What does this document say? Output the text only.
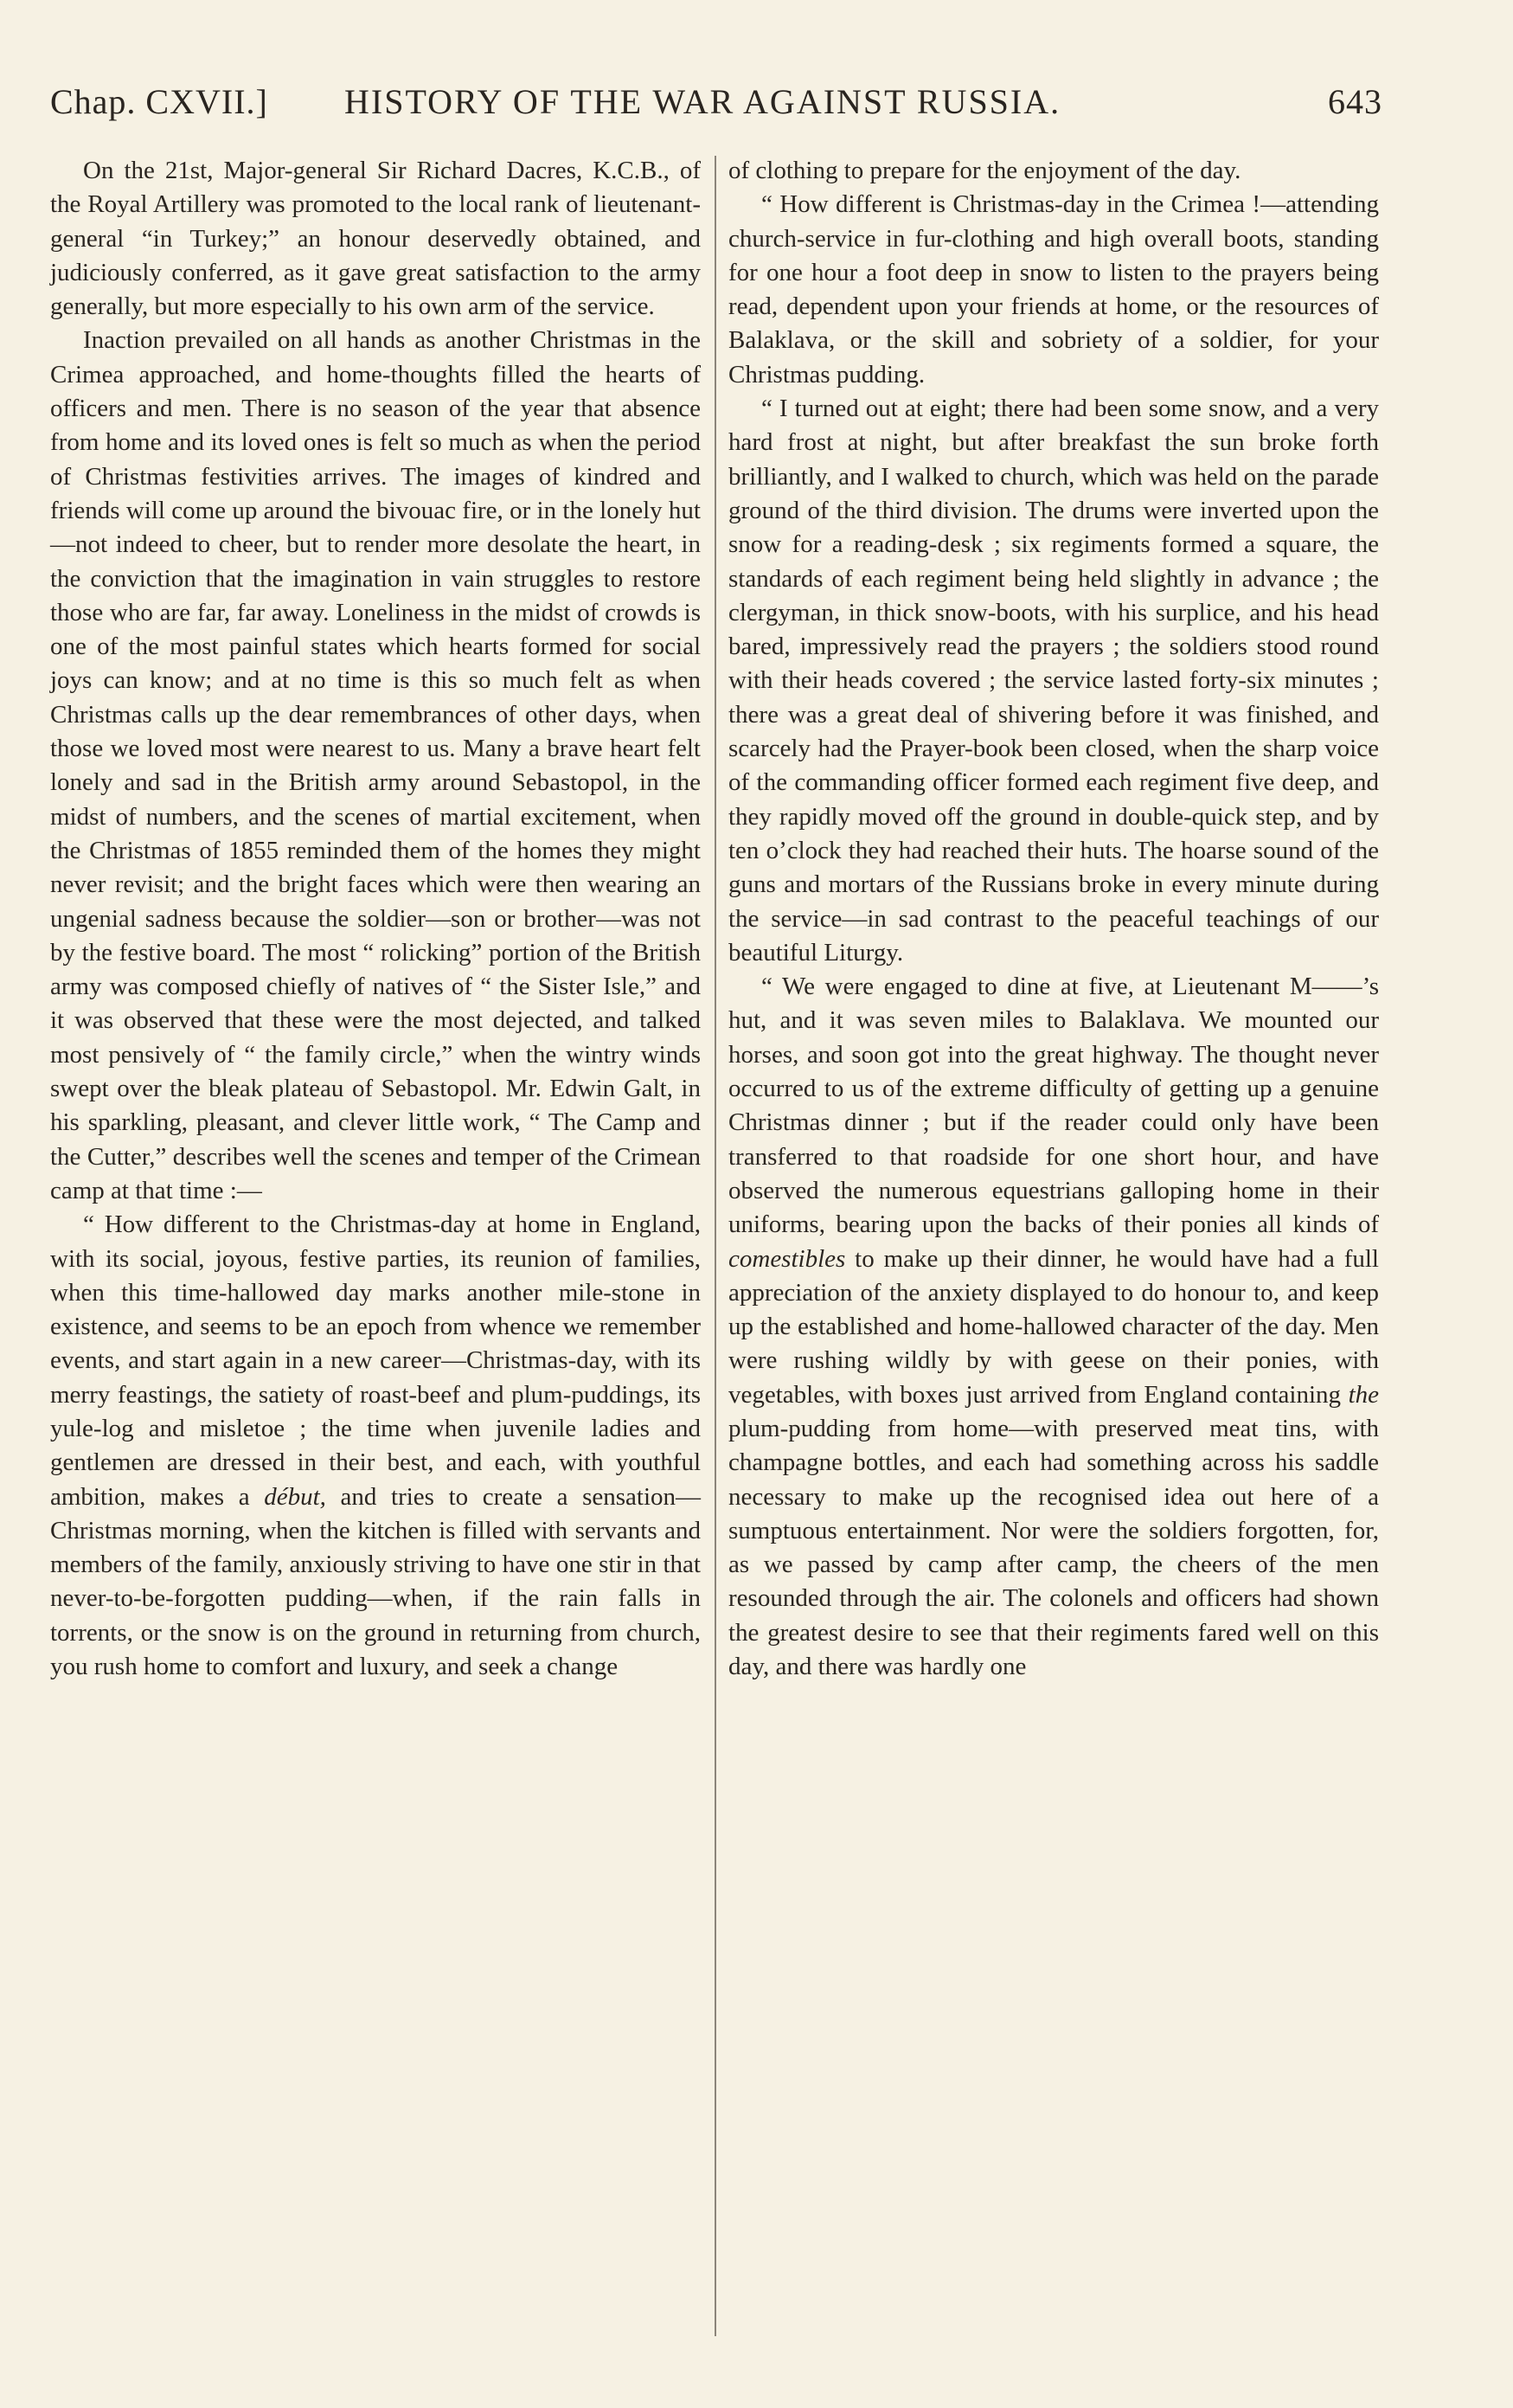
Chap. CXVII.] HISTORY OF THE WAR AGAINST RUSSIA.	643

On the 21st, Major-general Sir Richard Dacres, K.C.B., of the Royal Artillery was promoted to the local rank of lieutenant-general “in Turkey;” an honour deservedly obtained, and judiciously conferred, as it gave great satisfaction to the army generally, but more especially to his own arm of the service.

Inaction prevailed on all hands as another Christmas in the Crimea approached, and home-thoughts filled the hearts of officers and men. There is no season of the year that absence from home and its loved ones is felt so much as when the period of Christmas festivities arrives. The images of kindred and friends will come up around the bivouac fire, or in the lonely hut—not indeed to cheer, but to render more desolate the heart, in the conviction that the imagination in vain struggles to restore those who are far, far away. Loneliness in the midst of crowds is one of the most painful states which hearts formed for social joys can know; and at no time is this so much felt as when Christmas calls up the dear remembrances of other days, when those we loved most were nearest to us. Many a brave heart felt lonely and sad in the British army around Sebastopol, in the midst of numbers, and the scenes of martial excitement, when the Christmas of 1855 reminded them of the homes they might never revisit; and the bright faces which were then wearing an ungenial sadness because the soldier—son or brother—was not by the festive board. The most “ rolicking” portion of the British army was composed chiefly of natives of “ the Sister Isle,” and it was observed that these were the most dejected, and talked most pensively of “ the family circle,” when the wintry winds swept over the bleak plateau of Sebastopol. Mr. Edwin Galt, in his sparkling, pleasant, and clever little work, “ The Camp and the Cutter,” describes well the scenes and temper of the Crimean camp at that time :—

“ How different to the Christmas-day at home in England, with its social, joyous, festive parties, its reunion of families, when this time-hallowed day marks another mile-stone in existence, and seems to be an epoch from whence we remember events, and start again in a new career—Christmas-day, with its merry feastings, the satiety of roast-beef and plum-puddings, its yule-log and misletoe ; the time when juvenile ladies and gentlemen are dressed in their best, and each, with youthful ambition, makes a début, and tries to create a sensation—Christmas morning, when the kitchen is filled with servants and members of the family, anxiously striving to have one stir in that never-to-be-forgotten pudding—when, if the rain falls in torrents, or the snow is on the ground in returning from church, you rush home to comfort and luxury, and seek a change

of clothing to prepare for the enjoyment of the day.

“ How different is Christmas-day in the Crimea !—attending church-service in fur-clothing and high overall boots, standing for one hour a foot deep in snow to listen to the prayers being read, dependent upon your friends at home, or the resources of Balaklava, or the skill and sobriety of a soldier, for your Christmas pudding.

“ I turned out at eight; there had been some snow, and a very hard frost at night, but after breakfast the sun broke forth brilliantly, and I walked to church, which was held on the parade ground of the third division. The drums were inverted upon the snow for a reading-desk ; six regiments formed a square, the standards of each regiment being held slightly in advance ; the clergyman, in thick snow-boots, with his surplice, and his head bared, impressively read the prayers ; the soldiers stood round with their heads covered ; the service lasted forty-six minutes ; there was a great deal of shivering before it was finished, and scarcely had the Prayer-book been closed, when the sharp voice of the commanding officer formed each regiment five deep, and they rapidly moved off the ground in double-quick step, and by ten o’clock they had reached their huts. The hoarse sound of the guns and mortars of the Russians broke in every minute during the service—in sad contrast to the peaceful teachings of our beautiful Liturgy.

“ We were engaged to dine at five, at Lieutenant M——’s hut, and it was seven miles to Balaklava. We mounted our horses, and soon got into the great highway. The thought never occurred to us of the extreme difficulty of getting up a genuine Christmas dinner ; but if the reader could only have been transferred to that roadside for one short hour, and have observed the numerous equestrians galloping home in their uniforms, bearing upon the backs of their ponies all kinds of comestibles to make up their dinner, he would have had a full appreciation of the anxiety displayed to do honour to, and keep up the established and home-hallowed character of the day. Men were rushing wildly by with geese on their ponies, with vegetables, with boxes just arrived from England containing the plum-pudding from home—with preserved meat tins, with champagne bottles, and each had something across his saddle necessary to make up the recognised idea out here of a sumptuous entertainment. Nor were the soldiers forgotten, for, as we passed by camp after camp, the cheers of the men resounded through the air. The colonels and officers had shown the greatest desire to see that their regiments fared well on this day, and there was hardly one
